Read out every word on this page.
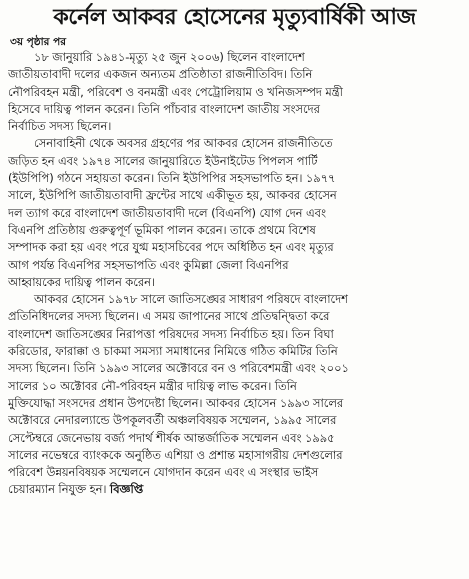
কর্নেল আকবর হোসেনের মৃত্যুবার্ষিকী আজ
৩য় পৃষ্ঠার পর
১৮ জানুয়ারি ১৯৪১-মৃত্যু ২৫ জুন ২০০৬) ছিলেন বাংলাদেশ
জাতীয়তাবাদী দলের একজন অন্যতম প্রতিষ্ঠাতা রাজনীতিবিদ। তিনি
নৌপরিবহন মন্ত্রী, পরিবেশ ও বনমন্ত্রী এবং পেট্রোলিয়াম ও খনিজসম্পদ মন্ত্রী
হিসেবে দায়িত্ব পালন করেন। তিনি পাঁচবার বাংলাদেশ জাতীয় সংসদের
নির্বাচিত সদস্য ছিলেন।
সেনাবাহিনী থেকে অবসর গ্রহণের পর আকবর হোসেন রাজনীতিতে
জড়িত হন এবং ১৯৭৪ সালের জানুয়ারিতে ইউনাইটেড পিপলস পার্টি
(ইউপিপি) গঠনে সহায়তা করেন। তিনি ইউপিপির সহসভাপতি হন। ১৯৭৭
সালে, ইউপিপি জাতীয়তাবাদী ফ্রন্টের সাথে একীভূত হয়, আকবর হোসেন
দল ত্যাগ করে বাংলাদেশ জাতীয়তাবাদী দলে (বিএনপি) যোগ দেন এবং
বিএনপি প্রতিষ্ঠায় গুরুত্বপূর্ণ ভূমিকা পালন করেন। তাকে প্রথমে বিশেষ
সম্পাদক করা হয় এবং পরে যুগ্ম মহাসচিবের পদে অধিষ্ঠিত হন এবং মৃত্যুর
আগ পর্যন্ত বিএনপির সহসভাপতি এবং কুমিল্লা জেলা বিএনপির
আহ্বায়কের দায়িত্ব পালন করেন।
আকবর হোসেন ১৯৭৮ সালে জাতিসঙ্ঘের সাধারণ পরিষদে বাংলাদেশ
প্রতিনিধিদলের সদস্য ছিলেন। এ সময় জাপানের সাথে প্রতিদ্বন্দ্বিতা করে
বাংলাদেশ জাতিসঙ্ঘের নিরাপত্তা পরিষদের সদস্য নির্বাচিত হয়। তিন বিঘা
করিডোর, ফারাক্কা ও চাকমা সমস্যা সমাধানের নিমিত্তে গঠিত কমিটির তিনি
সদস্য ছিলেন। তিনি ১৯৯৩ সালের অক্টোবরে বন ও পরিবেশমন্ত্রী এবং ২০০১
সালের ১০ অক্টোবর নৌ-পরিবহন মন্ত্রীর দায়িত্ব লাভ করেন। তিনি
মুক্তিযোদ্ধা সংসদের প্রধান উপদেষ্টা ছিলেন। আকবর হোসেন ১৯৯৩ সালের
অক্টোবরে নেদারল্যান্ডে উপকূলবর্তী অঞ্চলবিষয়ক সম্মেলন, ১৯৯৫ সালের
সেপ্টেম্বরে জেনেভায় বর্জ্য পদার্থ শীর্ষক আন্তর্জাতিক সম্মেলন এবং ১৯৯৫
সালের নভেম্বরে ব্যাংককে অনুষ্ঠিত এশিয়া ও প্রশান্ত মহাসাগরীয় দেশগুলোর
পরিবেশ উন্নয়নবিষয়ক সম্মেলনে যোগদান করেন এবং এ সংস্থার ভাইস
চেয়ারম্যান নিযুক্ত হন। বিজ্ঞপ্তি
